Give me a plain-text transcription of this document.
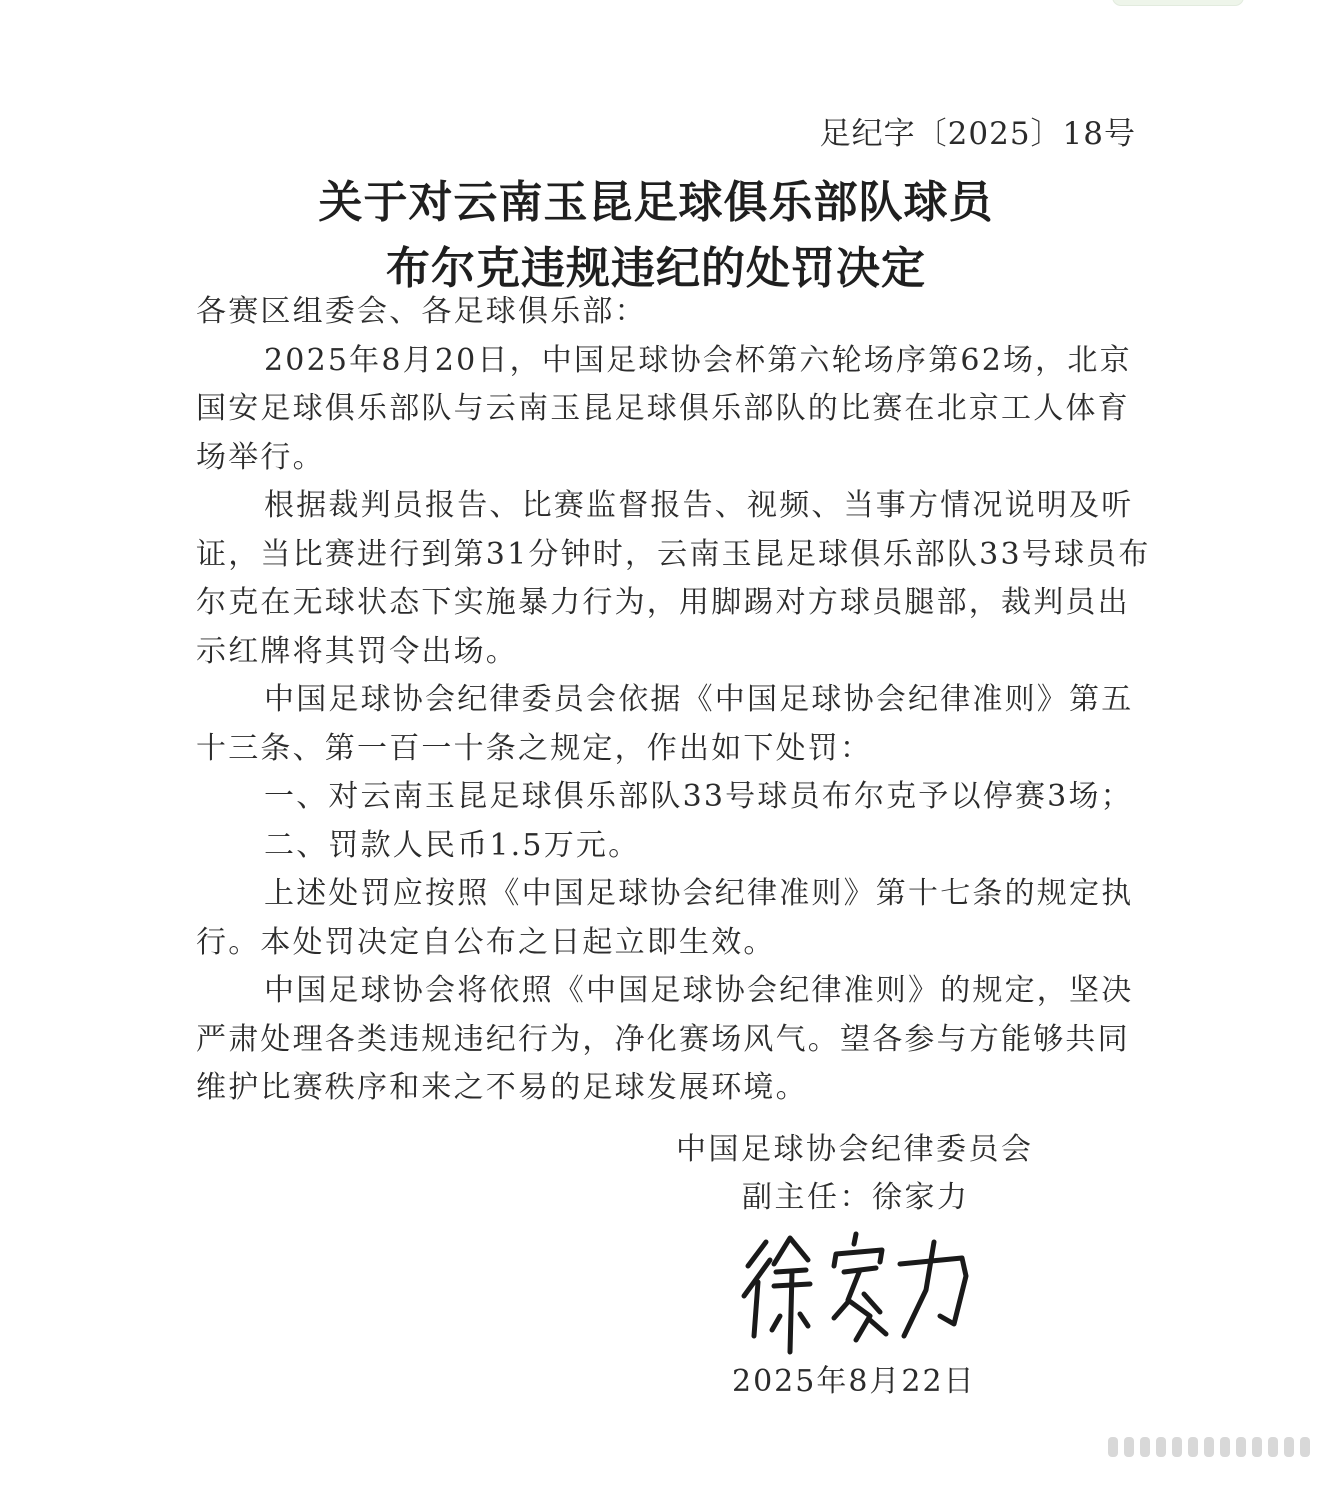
足纪字〔2025〕18号
关于对云南玉昆足球俱乐部队球员
布尔克违规违纪的处罚决定

各赛区组委会、各足球俱乐部：

2025年8月20日，中国足球协会杯第六轮场序第62场，北京国安足球俱乐部队与云南玉昆足球俱乐部队的比赛在北京工人体育场举行。

根据裁判员报告、比赛监督报告、视频、当事方情况说明及听证，当比赛进行到第31分钟时，云南玉昆足球俱乐部队33号球员布尔克在无球状态下实施暴力行为，用脚踢对方球员腿部，裁判员出示红牌将其罚令出场。

中国足球协会纪律委员会依据《中国足球协会纪律准则》第五十三条、第一百一十条之规定，作出如下处罚：

一、对云南玉昆足球俱乐部队33号球员布尔克予以停赛3场；

二、罚款人民币1.5万元。

上述处罚应按照《中国足球协会纪律准则》第十七条的规定执行。本处罚决定自公布之日起立即生效。

中国足球协会将依照《中国足球协会纪律准则》的规定，坚决严肃处理各类违规违纪行为，净化赛场风气。望各参与方能够共同维护比赛秩序和来之不易的足球发展环境。

中国足球协会纪律委员会
副主任：徐家力
2025年8月22日
